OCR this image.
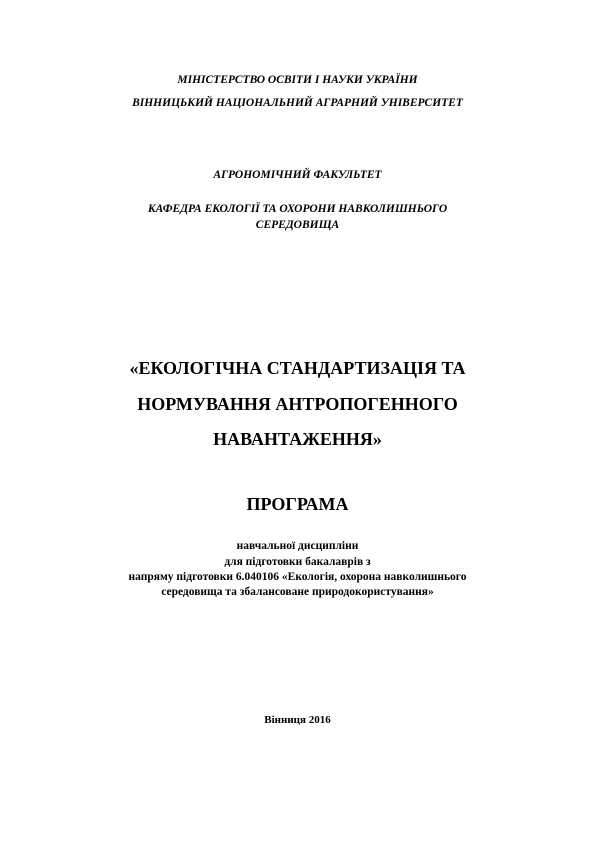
МІНІСТЕРСТВО ОСВІТИ І НАУКИ УКРАЇНИ
ВІННИЦЬКИЙ НАЦІОНАЛЬНИЙ АГРАРНИЙ УНІВЕРСИТЕТ
АГРОНОМІЧНИЙ ФАКУЛЬТЕТ
КАФЕДРА ЕКОЛОГІЇ ТА ОХОРОНИ НАВКОЛИШНЬОГО
СЕРЕДОВИЩА
«ЕКОЛОГІЧНА СТАНДАРТИЗАЦІЯ ТА
НОРМУВАННЯ АНТРОПОГЕННОГО
НАВАНТАЖЕННЯ»
ПРОГРАМА
навчальної дисципліни
для підготовки бакалаврів з
напряму підготовки 6.040106 «Екологія, охорона навколишнього
середовища та збалансоване природокористування»
Вінниця 2016
